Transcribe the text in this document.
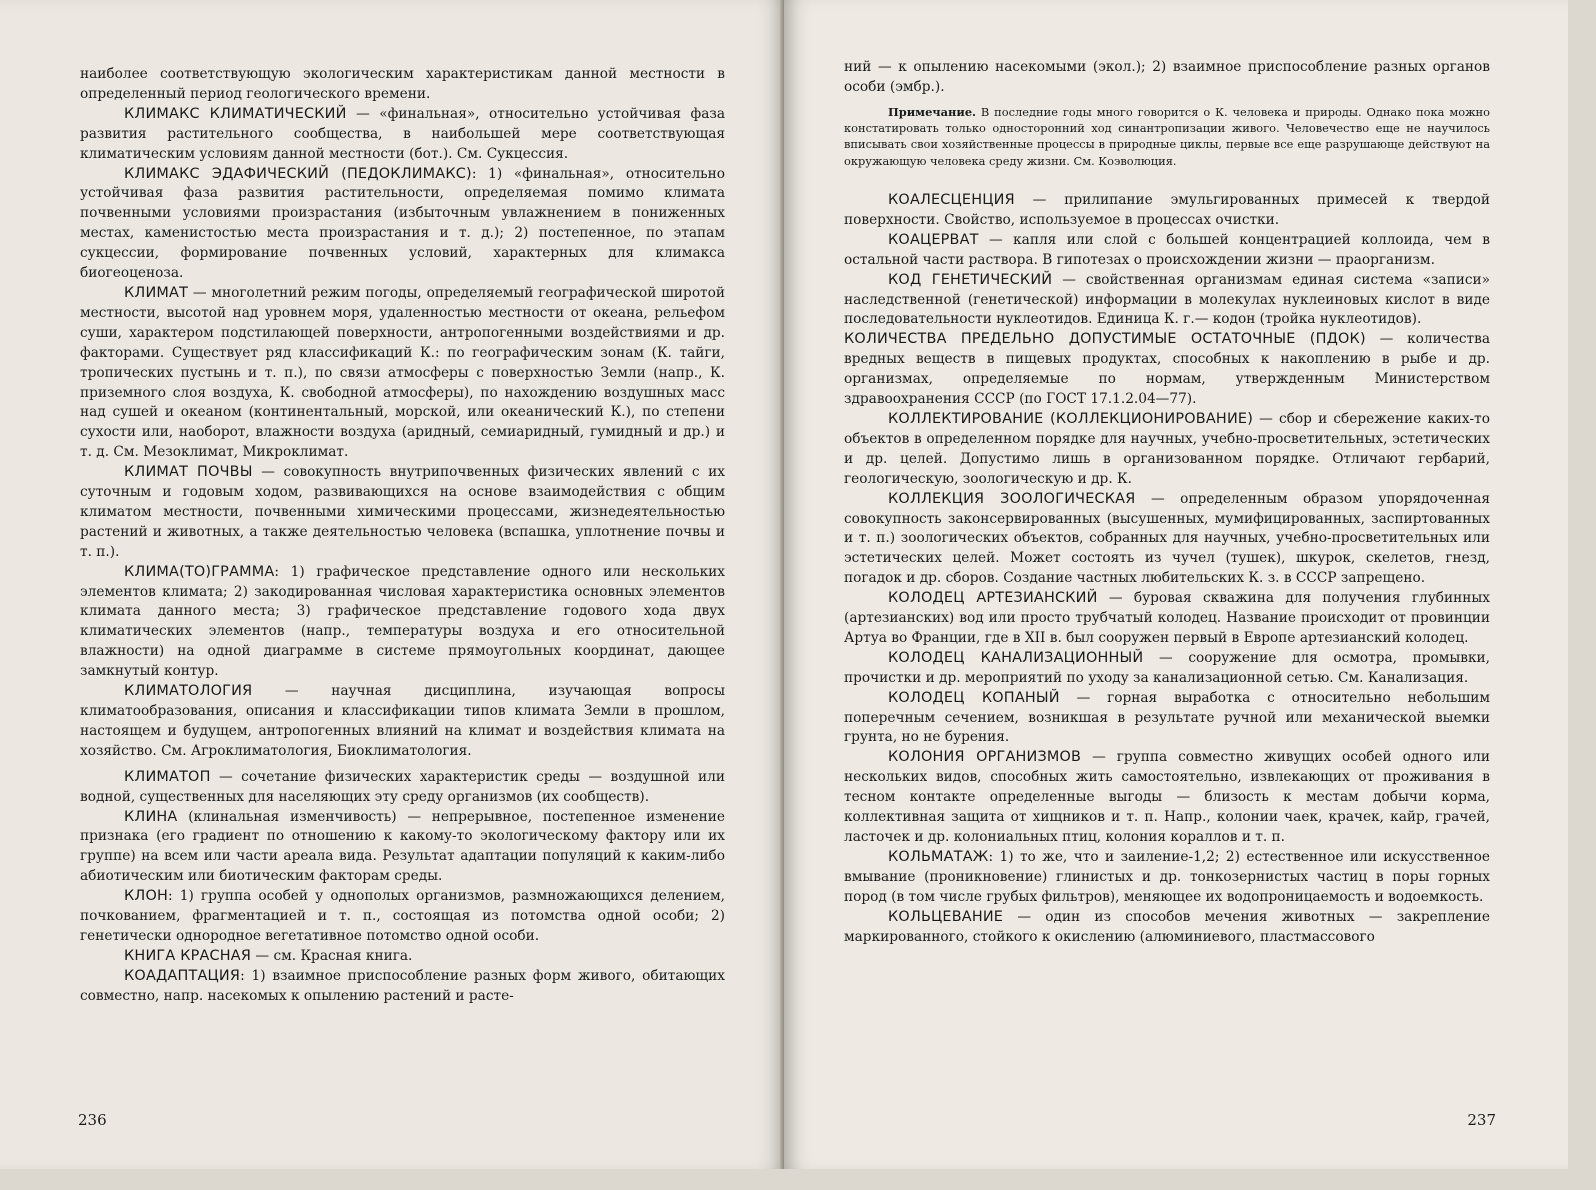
наиболее соответствующую экологическим характеристикам данной местности в определенный период геологического времени.

КЛИМАКС КЛИМАТИЧЕСКИЙ — «финальная», относительно устойчивая фаза развития растительного сообщества, в наибольшей мере соответствующая климатическим условиям данной местности (бот.). См. Сукцессия.

КЛИМАКС ЭДАФИЧЕСКИЙ (ПЕДОКЛИМАКС): 1) «финальная», относительно устойчивая фаза развития растительности, определяемая помимо климата почвенными условиями произрастания (избыточным увлажнением в пониженных местах, каменистостью места произрастания и т. д.); 2) постепенное, по этапам сукцессии, формирование почвенных условий, характерных для климакса биогеоценоза.

КЛИМАТ — многолетний режим погоды, определяемый географической широтой местности, высотой над уровнем моря, удаленностью местности от океана, рельефом суши, характером подстилающей поверхности, антропогенными воздействиями и др. факторами. Существует ряд классификаций К.: по географическим зонам (К. тайги, тропических пустынь и т. п.), по связи атмосферы с поверхностью Земли (напр., К. приземного слоя воздуха, К. свободной атмосферы), по нахождению воздушных масс над сушей и океаном (континентальный, морской, или океанический К.), по степени сухости или, наоборот, влажности воздуха (аридный, семиаридный, гумидный и др.) и т. д. См. Мезоклимат, Микроклимат.

КЛИМАТ ПОЧВЫ — совокупность внутрипочвенных физических явлений с их суточным и годовым ходом, развивающихся на основе взаимодействия с общим климатом местности, почвенными химическими процессами, жизнедеятельностью растений и животных, а также деятельностью человека (вспашка, уплотнение почвы и т. п.).

КЛИМА(ТО)ГРАММА: 1) графическое представление одного или нескольких элементов климата; 2) закодированная числовая характеристика основных элементов климата данного места; 3) графическое представление годового хода двух климатических элементов (напр., температуры воздуха и его относительной влажности) на одной диаграмме в системе прямоугольных координат, дающее замкнутый контур.

КЛИМАТОЛОГИЯ — научная дисциплина, изучающая вопросы климатообразования, описания и классификации типов климата Земли в прошлом, настоящем и будущем, антропогенных влияний на климат и воздействия климата на хозяйство. См. Агроклиматология, Биоклиматология.

КЛИМАТОП — сочетание физических характеристик среды — воздушной или водной, существенных для населяющих эту среду организмов (их сообществ).

КЛИНА (клинальная изменчивость) — непрерывное, постепенное изменение признака (его градиент по отношению к какому-то экологическому фактору или их группе) на всем или части ареала вида. Результат адаптации популяций к каким-либо абиотическим или биотическим факторам среды.

КЛОН: 1) группа особей у однополых организмов, размножающихся делением, почкованием, фрагментацией и т. п., состоящая из потомства одной особи; 2) генетически однородное вегетативное потомство одной особи.

КНИГА КРАСНАЯ — см. Красная книга.

КОАДАПТАЦИЯ: 1) взаимное приспособление разных форм живого, обитающих совместно, напр. насекомых к опылению растений и расте-

236

ний — к опылению насекомыми (экол.); 2) взаимное приспособление разных органов особи (эмбр.).

Примечание. В последние годы много говорится о К. человека и природы. Однако пока можно констатировать только односторонний ход синантропизации живого. Человечество еще не научилось вписывать свои хозяйственные процессы в природные циклы, первые все еще разрушающе действуют на окружающую человека среду жизни. См. Коэволюция.

КОАЛЕСЦЕНЦИЯ — прилипание эмульгированных примесей к твердой поверхности. Свойство, используемое в процессах очистки.

КОАЦЕРВАТ — капля или слой с большей концентрацией коллоида, чем в остальной части раствора. В гипотезах о происхождении жизни — праорганизм.

КОД ГЕНЕТИЧЕСКИЙ — свойственная организмам единая система «записи» наследственной (генетической) информации в молекулах нуклеиновых кислот в виде последовательности нуклеотидов. Единица К. г.— кодон (тройка нуклеотидов).

КОЛИЧЕСТВА ПРЕДЕЛЬНО ДОПУСТИМЫЕ ОСТАТОЧНЫЕ (ПДОК) — количества вредных веществ в пищевых продуктах, способных к накоплению в рыбе и др. организмах, определяемые по нормам, утвержденным Министерством здравоохранения СССР (по ГОСТ 17.1.2.04—77).

КОЛЛЕКТИРОВАНИЕ (КОЛЛЕКЦИОНИРОВАНИЕ) — сбор и сбережение каких-то объектов в определенном порядке для научных, учебно-просветительных, эстетических и др. целей. Допустимо лишь в организованном порядке. Отличают гербарий, геологическую, зоологическую и др. К.

КОЛЛЕКЦИЯ ЗООЛОГИЧЕСКАЯ — определенным образом упорядоченная совокупность законсервированных (высушенных, мумифицированных, заспиртованных и т. п.) зоологических объектов, собранных для научных, учебно-просветительных или эстетических целей. Может состоять из чучел (тушек), шкурок, скелетов, гнезд, погадок и др. сборов. Создание частных любительских К. з. в СССР запрещено.

КОЛОДЕЦ АРТЕЗИАНСКИЙ — буровая скважина для получения глубинных (артезианских) вод или просто трубчатый колодец. Название происходит от провинции Артуа во Франции, где в XII в. был сооружен первый в Европе артезианский колодец.

КОЛОДЕЦ КАНАЛИЗАЦИОННЫЙ — сооружение для осмотра, промывки, прочистки и др. мероприятий по уходу за канализационной сетью. См. Канализация.

КОЛОДЕЦ КОПАНЫЙ — горная выработка с относительно небольшим поперечным сечением, возникшая в результате ручной или механической выемки грунта, но не бурения.

КОЛОНИЯ ОРГАНИЗМОВ — группа совместно живущих особей одного или нескольких видов, способных жить самостоятельно, извлекающих от проживания в тесном контакте определенные выгоды — близость к местам добычи корма, коллективная защита от хищников и т. п. Напр., колонии чаек, крачек, кайр, грачей, ласточек и др. колониальных птиц, колония кораллов и т. п.

КОЛЬМАТАЖ: 1) то же, что и заиление-1,2; 2) естественное или искусственное вмывание (проникновение) глинистых и др. тонкозернистых частиц в поры горных пород (в том числе грубых фильтров), меняющее их водопроницаемость и водоемкость.

КОЛЬЦЕВАНИЕ — один из способов мечения животных — закрепление маркированного, стойкого к окислению (алюминиевого, пластмассового

237
